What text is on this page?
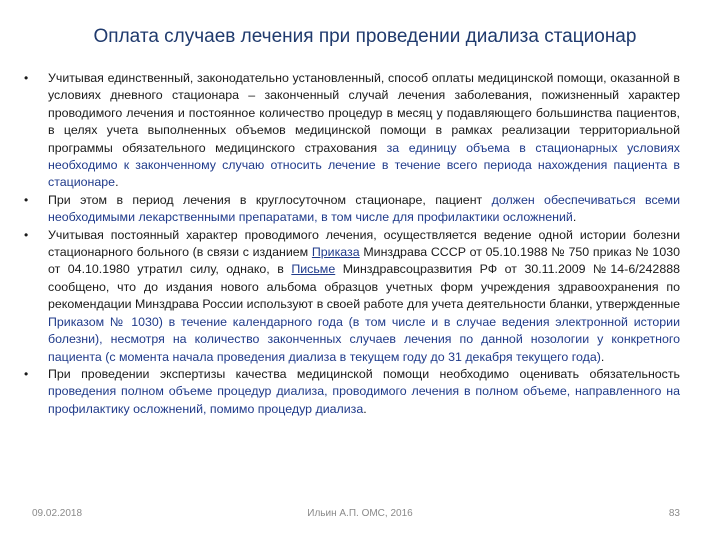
Оплата случаев лечения при проведении диализа стационар
• Учитывая единственный, законодательно установленный, способ оплаты медицинской помощи, оказанной в условиях дневного стационара – законченный случай лечения заболевания, пожизненный характер проводимого лечения и постоянное количество процедур в месяц у подавляющего большинства пациентов, в целях учета выполненных объемов медицинской помощи в рамках реализации территориальной программы обязательного медицинского страхования за единицу объема в стационарных условиях необходимо к законченному случаю относить лечение в течение всего периода нахождения пациента в стационаре.
• При этом в период лечения в круглосуточном стационаре, пациент должен обеспечиваться всеми необходимыми лекарственными препаратами, в том числе для профилактики осложнений.
• Учитывая постоянный характер проводимого лечения, осуществляется ведение одной истории болезни стационарного больного (в связи с изданием Приказа Минздрава СССР от 05.10.1988 № 750 приказ № 1030 от 04.10.1980 утратил силу, однако, в Письме Минздравсоцразвития РФ от 30.11.2009 №14-6/242888 сообщено, что до издания нового альбома образцов учетных форм учреждения здравоохранения по рекомендации Минздрава России используют в своей работе для учета деятельности бланки, утвержденные Приказом № 1030) в течение календарного года (в том числе и в случае ведения электронной истории болезни), несмотря на количество законченных случаев лечения по данной нозологии у конкретного пациента (с момента начала проведения диализа в текущем году до 31 декабря текущего года).
• При проведении экспертизы качества медицинской помощи необходимо оценивать обязательность проведения полном объеме процедур диализа, проводимого лечения в полном объеме, направленного на профилактику осложнений, помимо процедур диализа.
09.02.2018	Ильин А.П. ОМС, 2016	83
